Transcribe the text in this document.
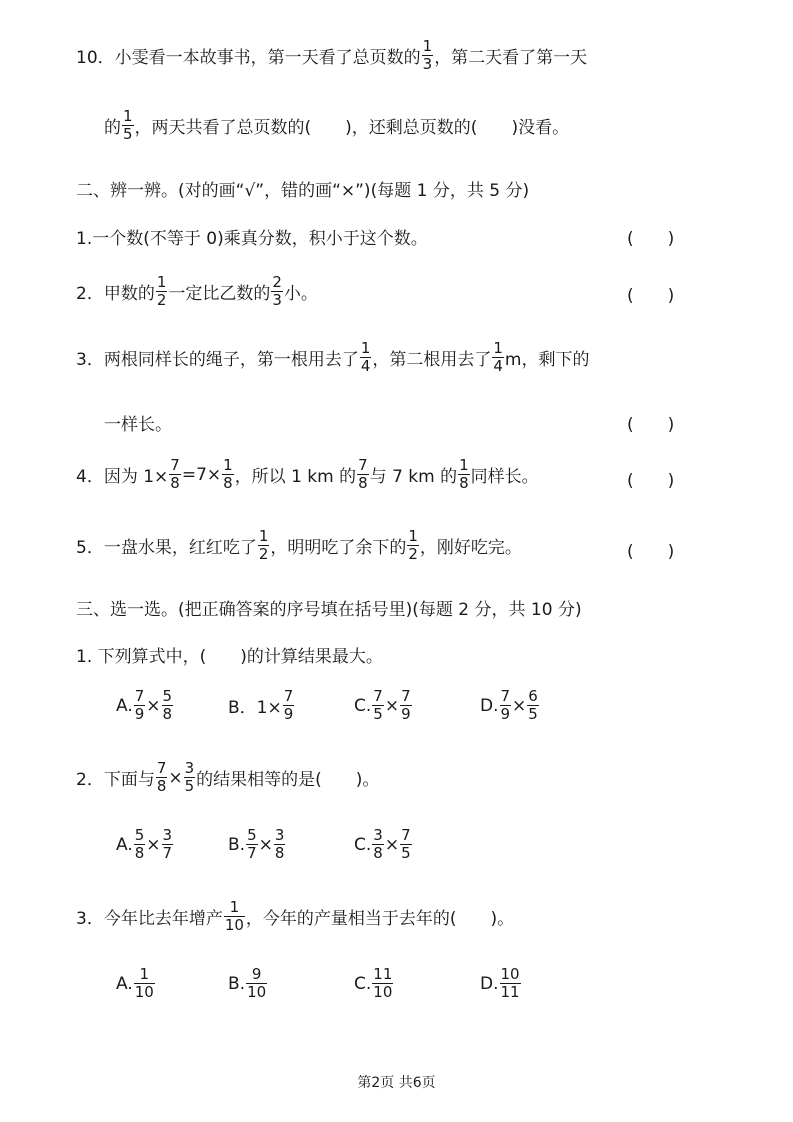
10．小雯看一本故事书，第一天看了总页数的 $\frac{1}{3}$ ，第二天看了第一天
的 $\frac{1}{5}$ ，两天共看了总页数的(　　)，还剩总页数的(　　)没看。
二、辨一辨。(对的画“√”，错的画“×”)(每题 1 分，共 5 分)
1.一个数(不等于 0)乘真分数，积小于这个数。	(　　)
2．甲数的 $\frac{1}{2}$ 一定比乙数的 $\frac{2}{3}$ 小。	(　　)
3．两根同样长的绳子，第一根用去了 $\frac{1}{4}$ ，第二根用去了 $\frac{1}{4}$ m，剩下的
一样长。	(　　)
4．因为 $1\times \frac{7}{8} =7\times \frac{1}{8}$ ，所以 1 km 的 $\frac{7}{8}$ 与 7 km 的 $\frac{1}{8}$ 同样长。	(　　)
5．一盘水果，红红吃了 $\frac{1}{2}$ ，明明吃了余下的 $\frac{1}{2}$ ，刚好吃完。	(　　)
三、选一选。(把正确答案的序号填在括号里)(每题 2 分，共 10 分)
1. 下列算式中，(　　)的计算结果最大。
A. $\frac{7}{9} \times \frac{5}{8}$	B．$1\times \frac{7}{9}$	C. $\frac{7}{5} \times \frac{7}{9}$	D. $\frac{7}{9} \times \frac{6}{5}$
2．下面与 $\frac{7}{8} \times \frac{3}{5}$ 的结果相等的是(　　)。
A. $\frac{5}{8} \times \frac{3}{7}$	B. $\frac{5}{7} \times \frac{3}{8}$	C. $\frac{3}{8} \times \frac{7}{5}$
3．今年比去年增产 $\frac{1}{10}$ ，今年的产量相当于去年的(　　)。
A. $\frac{1}{10}$	B. $\frac{9}{10}$	C. $\frac{11}{10}$	D. $\frac{10}{11}$
第2页 共6页
